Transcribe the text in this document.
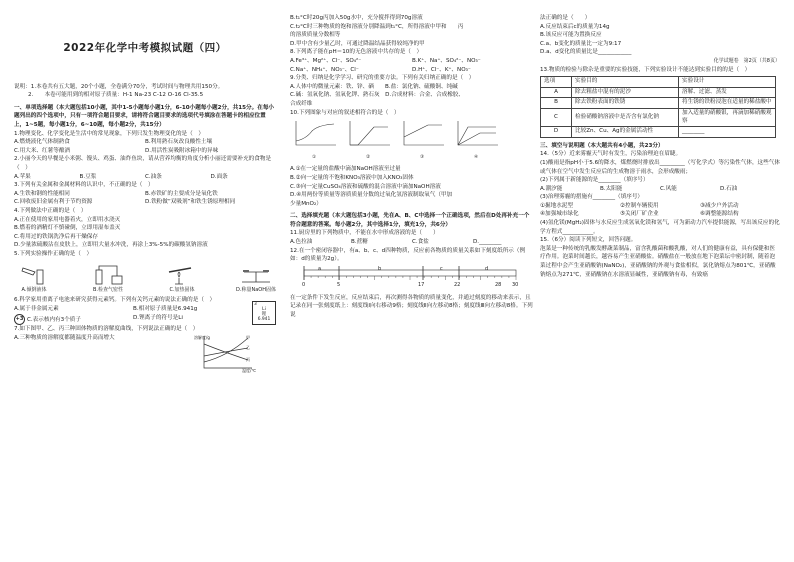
2022年化学中考模拟试题（四）
说明：1.本卷共有五大题，20个小题，全卷满分70分，考试时间与物理共用150分。
2.　　本卷可能用到的相对原子质量：H-1 Na-23 C-12 O-16 Cl-35.5
一、单项选择题（本大题包括10小题，其中1-5小题每小题1分，6-10小题每小题2分，共15分。在每小题列出的四个选项中，只有一项符合题目要求，请将符合题目要求的选项代号填涂在答题卡的相应位置上，1~5题，每小题1分，6~10题，每小题2分，共15分）
1.物理变化、化学变化是生活中的常见现象，下列只发生物理变化的是（　）
A.燃烧液化气体制熟食	B.利用熟石灰改良酸性土壤
C.用大米、红薯等酿酒	D.用活性炭吸附冰箱中的异味
2.小丽今天的早餐是小米粥、馒头、鸡蛋、油炸鱼块，请从营养均衡的角度分析小丽还需要补充的食物是（　）
A.苹果	B.豆浆	C.油条	D.面条
3.下列有关金属和金属材料的认识中，不正确的是（　）
A.生铁和钢的性能相同	B.赤铁矿的主要成分是氧化铁
C.回收废旧金属有利于节约资源	D.铁粉做“双吸剂”和铁生锈原理相同
4.下列做法中正确的是（　）
A.正在使用的家用电器着火，立即用水浇灭
B.燃着的酒精灯不慎碰倒，立即用湿布盖灭
C.将用过的铁锅洗净后再干燥保存
D.少量浓硫酸沾在皮肤上，立即用大量水冲洗，再涂上3%-5%的碳酸氢钠溶液
5.下列实验操作正确的是（　）
A.倾倒液体	B.检查气密性	C.加热固体	D.称量NaOH固体
6.科学家用重离子电池来研究获得元素钙。下列有关钙元素的说法正确的是（　）
A.属于非金属元素
+3 C.表示核内有3个质子
B.相对原子质量是6.941g
D.锂离子的符号是Li
3
Li
锂
6.941
7.如下图甲、乙、丙三种固体物质的溶解度曲线，下列说法正确的是（　）
A.三种物质的溶解度都随温度升高而增大	溶解度/g
温度/℃
甲
乙
丙
B.t₁°C时20g丙加入50g水中，充分搅拌得到70g溶液
C.t₂°C时三种物质的饱和溶液分别降温到t₁°C，所得溶液中甲和　　丙
的溶质质量分数相等
D.甲中含有少量乙时，可通过降温结晶获得较纯净的甲
8.下列离子能在pH＝10的无色溶液中共存的是（　）
A.Fe³⁺、Mg²⁺、Cl⁻、SO₄²⁻	B.K⁺、Na⁺、SO₄²⁻、NO₃⁻
C.Na⁺、NH₄⁺、NO₃⁻、Cl⁻	D.H⁺、Cl⁻、K⁺、NO₃⁻
9.分类、归纳是化学学习、研究的重要方法。下列有关归纳正确的是（　）
A.人体中的微量元素：铁、锌、硒　　B.盐：氯化钠、硫酸铜、纯碱
C.碱：氢氧化钠、氢氧化钾、熟石灰　D.合成材料：合金、合成橡胶、
合成纤维
10.下列图象与对应的叙述相符合的是（　）
①	②	③	④
A.①在一定量的盐酸中滴加NaOH溶液至过量
B.②向一定量的不饱和KNO₃溶液中加入KNO₃固体
C.③向一定量CuSO₄溶液和硫酸的混合溶液中滴加NaOH溶液
D.④用两份等质量等溶质质量分数的过氧化氢溶液制取氧气（甲加
少量MnO₂）
二、选择填充题（本大题包括3小题，先在A、B、C中选择一个正确选项，然后在D处再补充一个符合题意的答案。每小题2分，其中选择1分，填充1分，共6分）
11.厨房里的下列物质中，不能在水中形成溶液的是（　　）
A.色拉油	B.蔗糖	C.食盐	D.________
12.在一个密闭容器中，有a、b、c、d四种物质，反应前各物质的质量关系如下刻度纸所示（例如：d的质量为2g）。
0	5	17	22	28 30
a	b	c	d
在一定条件下发生反应，反应结束后，再次测得各物质的质量变化，并通过刻度的移动来表示，且记录在同一张刻度纸上：刻度线Ⅰ向右移动9格；刻度线Ⅱ向左移动8格；刻度线Ⅲ向左移动8格。下列说
法正确的是（　　）
A.反应结束后c的质量为14g
B.该反应可能为置换反应
C.a、b变化的质量比一定为9:17
D.a、d变化的质量比是____________
化学试题卷　第2页（共8页）
13.物质的检验与除杂是重要的实验技能，下列实验设计不能达到实验目的的是（　）
选项	实验目的	实验设计
A	除去粗盐中混有的泥沙	溶解、过滤、蒸发
B	除去铁粉表面的铁锈	将生锈的铁粉浸泡在适量的稀盐酸中
C	检验硝酸钠溶液中是否含有氯化钠	加入适量的硝酸银，再滴加稀硝酸观察
D	比较Zn、Cu、Ag的金属活动性	________
三、填空与说明题（本大题共有4小题，共23分）
14.（5分）近来雾霾天气时有发生，污染治理迫在眉睫。
(1)酸雨是指pH小于5.6的降水，煤燃烧时排放出_________（写化学式）等污染性气体，这些气体或气体在空气中发生反应后的生成物溶于雨水，会形成酸雨；
(2)下列属于新能源的是________（填序号）
A.潮汐能	B.太阳能	C.风能	D.石油
(3)治理雾霾的措施有________（填序号）
①掘地水泥型	②控制车辆使用	③减少户外活动
④加强城市绿化	⑤关闭厂矿企业	⑥调整能源结构
(4)氢化镁(MgH₂)固体与水反应生成氢氧化镁和氢气，可为新动力汽车提供能源，写出该反应的化学方程式___________。
15.（6分）阅读下列短文，回答问题。
泡菜是一种传统的乳酸发酵蔬菜制品，富含乳酸菌和酸乳酸，对人们的健康有益，具有保健和医疗作用。泡菜时间越长，越容易产生亚硝酸盐。硝酸盐在一般放在地下泡菜坛中密封制，随着泡菜过程中会产生亚硝酸钠(NaNO₂)，亚硝酸钠的外观与食盐相似，氯化钠熔点为801℃，亚硝酸钠熔点为271℃，亚硝酸钠在水溶液显碱性，亚硝酸钠有毒，有致癌
